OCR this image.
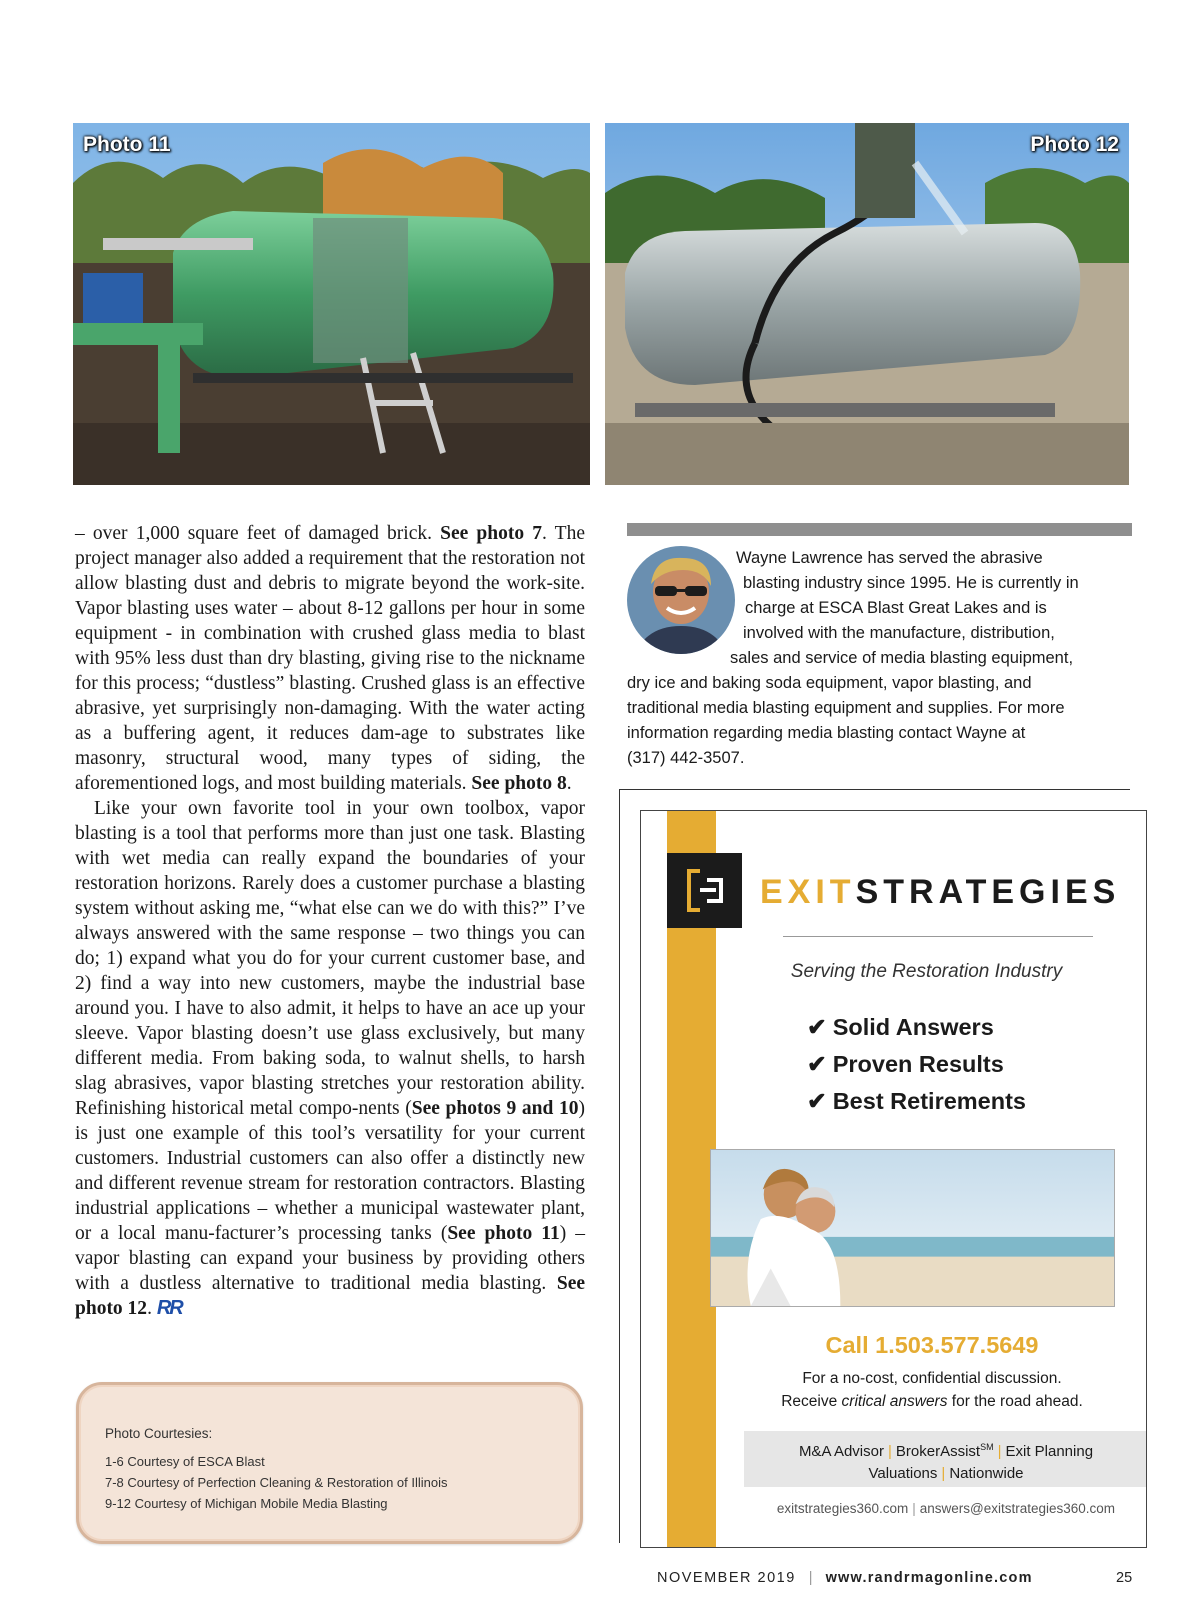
Photo 11	Photo 12

– over 1,000 square feet of damaged brick. See photo 7. The project manager also added a requirement that the restoration not allow blasting dust and debris to migrate beyond the work-site. Vapor blasting uses water – about 8-12 gallons per hour in some equipment - in combination with crushed glass media to blast with 95% less dust than dry blasting, giving rise to the nickname for this process; “dustless” blasting. Crushed glass is an effective abrasive, yet surprisingly non-damaging. With the water acting as a buffering agent, it reduces dam-age to substrates like masonry, structural wood, many types of siding, the aforementioned logs, and most building materials. See photo 8.

Like your own favorite tool in your own toolbox, vapor blasting is a tool that performs more than just one task. Blasting with wet media can really expand the boundaries of your restoration horizons. Rarely does a customer purchase a blasting system without asking me, “what else can we do with this?” I’ve always answered with the same response – two things you can do; 1) expand what you do for your current customer base, and 2) find a way into new customers, maybe the industrial base around you. I have to also admit, it helps to have an ace up your sleeve. Vapor blasting doesn’t use glass exclusively, but many different media. From baking soda, to walnut shells, to harsh slag abrasives, vapor blasting stretches your restoration ability. Refinishing historical metal compo-nents (See photos 9 and 10) is just one example of this tool’s versatility for your current customers. Industrial customers can also offer a distinctly new and different revenue stream for restoration contractors. Blasting industrial applications – whether a municipal wastewater plant, or a local manu-facturer’s processing tanks (See photo 11) – vapor blasting can expand your business by providing others with a dustless alternative to traditional media blasting. See photo 12. RR

Photo Courtesies:
1-6 Courtesy of ESCA Blast
7-8 Courtesy of Perfection Cleaning & Restoration of Illinois
9-12 Courtesy of Michigan Mobile Media Blasting
Wayne Lawrence has served the abrasive
blasting industry since 1995. He is currently in
charge at ESCA Blast Great Lakes and is
involved with the manufacture, distribution,
sales and service of media blasting equipment,
dry ice and baking soda equipment, vapor blasting, and
traditional media blasting equipment and supplies. For more
information regarding media blasting contact Wayne at
(317) 442-3507.
EXITSTRATEGIES
Serving the Restoration Industry
✔ Solid Answers
✔ Proven Results
✔ Best Retirements
Call 1.503.577.5649
For a no-cost, confidential discussion.
Receive critical answers for the road ahead.
M&A Advisor | BrokerAssist℠ | Exit Planning
Valuations | Nationwide
exitstrategies360.com | answers@exitstrategies360.com
NOVEMBER 2019 | www.randrmagonline.com	25
